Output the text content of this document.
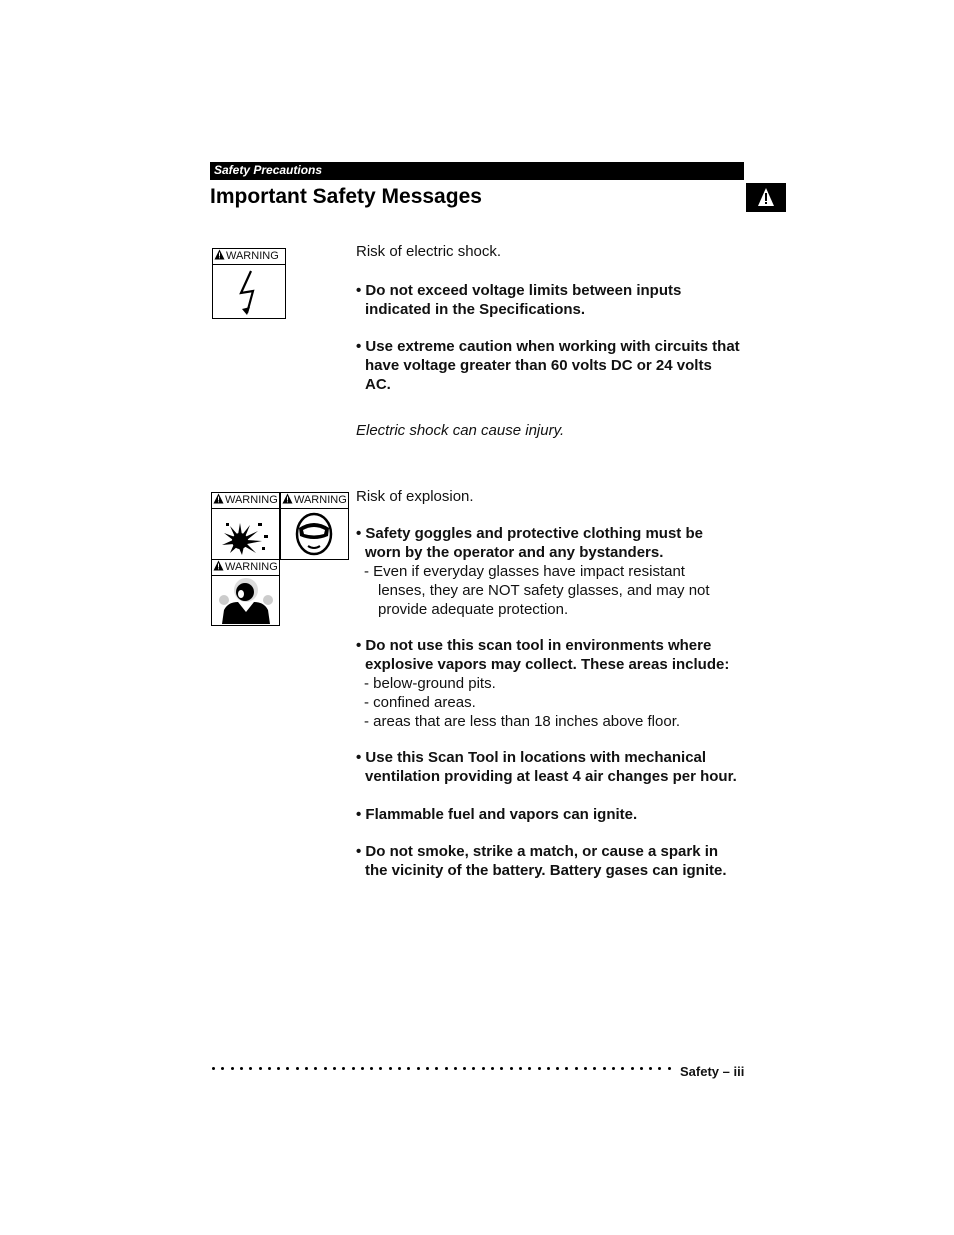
Safety Precautions
Important Safety Messages
WARNING	Risk of electric shock.
• Do not exceed voltage limits between inputs
indicated in the Specifications.
• Use extreme caution when working with circuits that
have voltage greater than 60 volts DC or 24 volts
AC.
Electric shock can cause injury.
WARNING	WARNING
WARNING
Risk of explosion.
• Safety goggles and protective clothing must be
worn by the operator and any bystanders.
- Even if everyday glasses have impact resistant
lenses, they are NOT safety glasses, and may not
provide adequate protection.
• Do not use this scan tool in environments where
explosive vapors may collect. These areas include:
- below-ground pits.
- confined areas.
- areas that are less than 18 inches above floor.
• Use this Scan Tool in locations with mechanical
ventilation providing at least 4 air changes per hour.
• Flammable fuel and vapors can ignite.
• Do not smoke, strike a match, or cause a spark in
the vicinity of the battery. Battery gases can ignite.
Safety – iii
